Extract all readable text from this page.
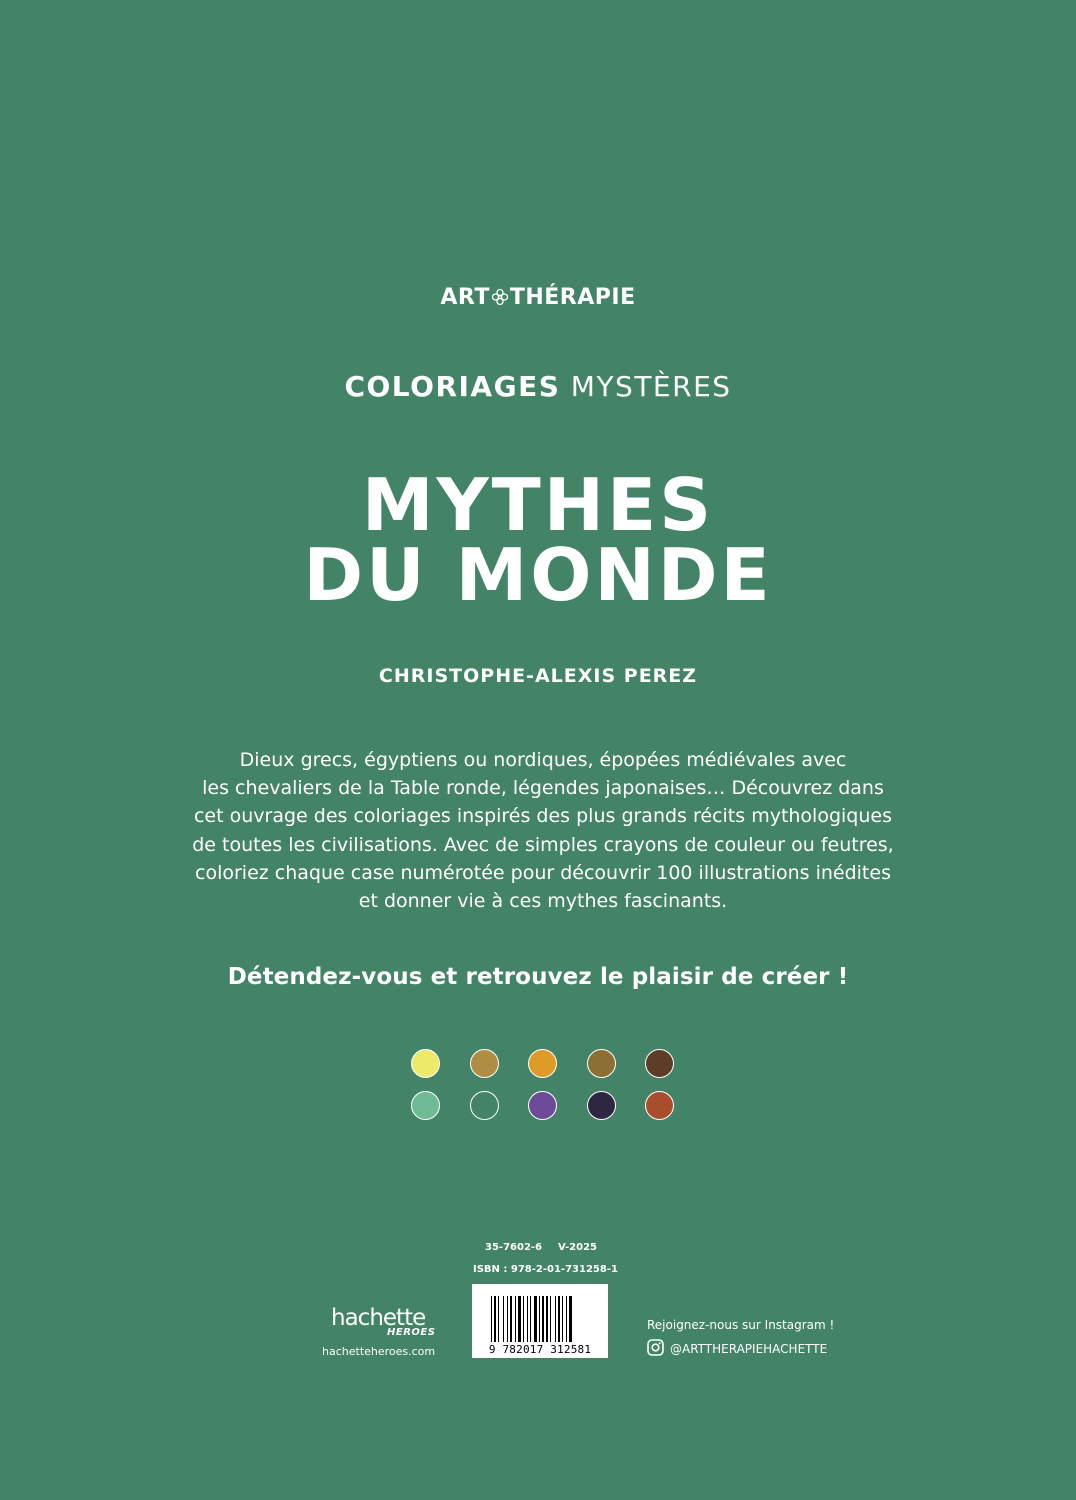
ART THÉRAPIE
COLORIAGES MYSTÈRES
MYTHES
DU MONDE
CHRISTOPHE-ALEXIS PEREZ
Dieux grecs, égyptiens ou nordiques, épopées médiévales avec
les chevaliers de la Table ronde, légendes japonaises… Découvrez dans
cet ouvrage des coloriages inspirés des plus grands récits mythologiques
de toutes les civilisations. Avec de simples crayons de couleur ou feutres,
coloriez chaque case numérotée pour découvrir 100 illustrations inédites
et donner vie à ces mythes fascinants.
Détendez-vous et retrouvez le plaisir de créer !
35-7602-6 V-2025
ISBN : 978-2-01-731258-1
9 782017 312581
hachette
HEROES
hachetteheroes.com
Rejoignez-nous sur Instagram !
@ARTTHERAPIEHACHETTE
